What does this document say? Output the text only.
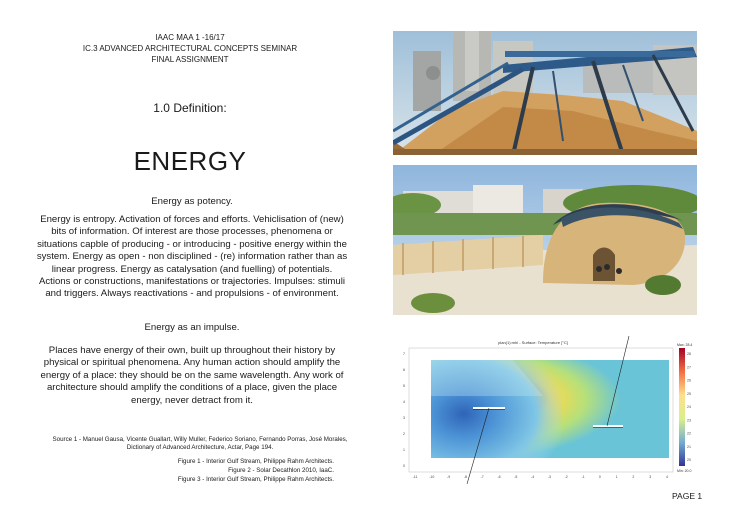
IAAC MAA 1 -16/17
IC.3 ADVANCED ARCHITECTURAL CONCEPTS SEMINAR
FINAL ASSIGNMENT
1.0 Definition:
ENERGY

Energy as potency.

Energy is entropy. Activation of forces and efforts. Vehiclisation of (new) bits of information. Of interest are those processes, phenomena or situations capble of producing - or introducing - positive energy within the system. Energy as open - non disciplined - (re) information rather than as linear progress. Energy as catalysation (and fuelling) of potentials. Actions or constructions, manifestations or trajectories. Impulses: stimuli and triggers. Always reactivations - and propulsions - of environment.

Energy as an impulse.

Places have energy of their own, built up throughout their history by physical or spiritual phenomena. Any human action should amplify the energy of a place: they should be on the same wavelength. Any work of architecture should amplify the conditions of a place, given the place energy, never detract from it.

Source 1 - Manuel Gausa, Vicente Guallart, Willy Muller, Federico Soriano, Fernando Porras, José Morales, Dictionary of Advanced Architecture, Actar, Page 194.
Figure 1 - Interior Gulf Stream, Philippe Rahm Architects.
Figure 2 - Solar Decathlon 2010, IaaC.
Figure 3 - Interior Gulf Stream, Philippe Rahm Architects.
PAGE 1
plan(1):mhi - Surface: Temperature [°C]
7
6
5
4
3
2
1
0
-11	-10	-9	-8	-7	-6	-5	-4	-3	-2	-1	0	1	2	3	4
Max: 28.4
Min: 20.0
28
27
26
25
24
23
22
21
20
